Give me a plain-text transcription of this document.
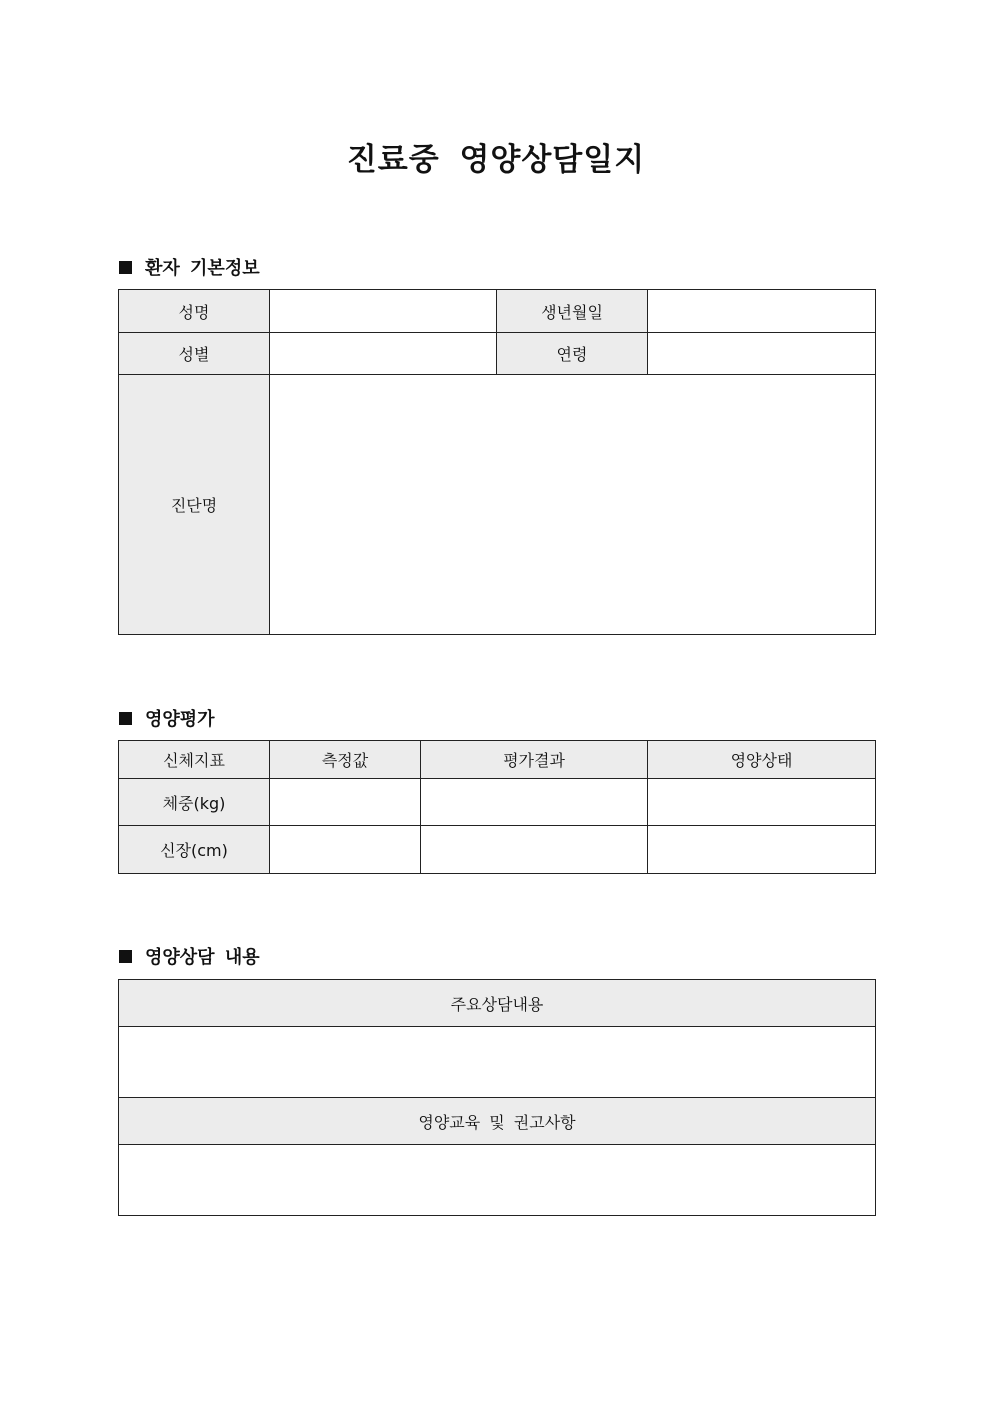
진료중 영양상담일지
환자 기본정보
성명		생년월일	
성별		연령	
진단명			
영양평가
신체지표	측정값	평가결과	영양상태
체중(kg)			
신장(cm)			
영양상담 내용
주요상담내용

영양교육 및 권고사항
